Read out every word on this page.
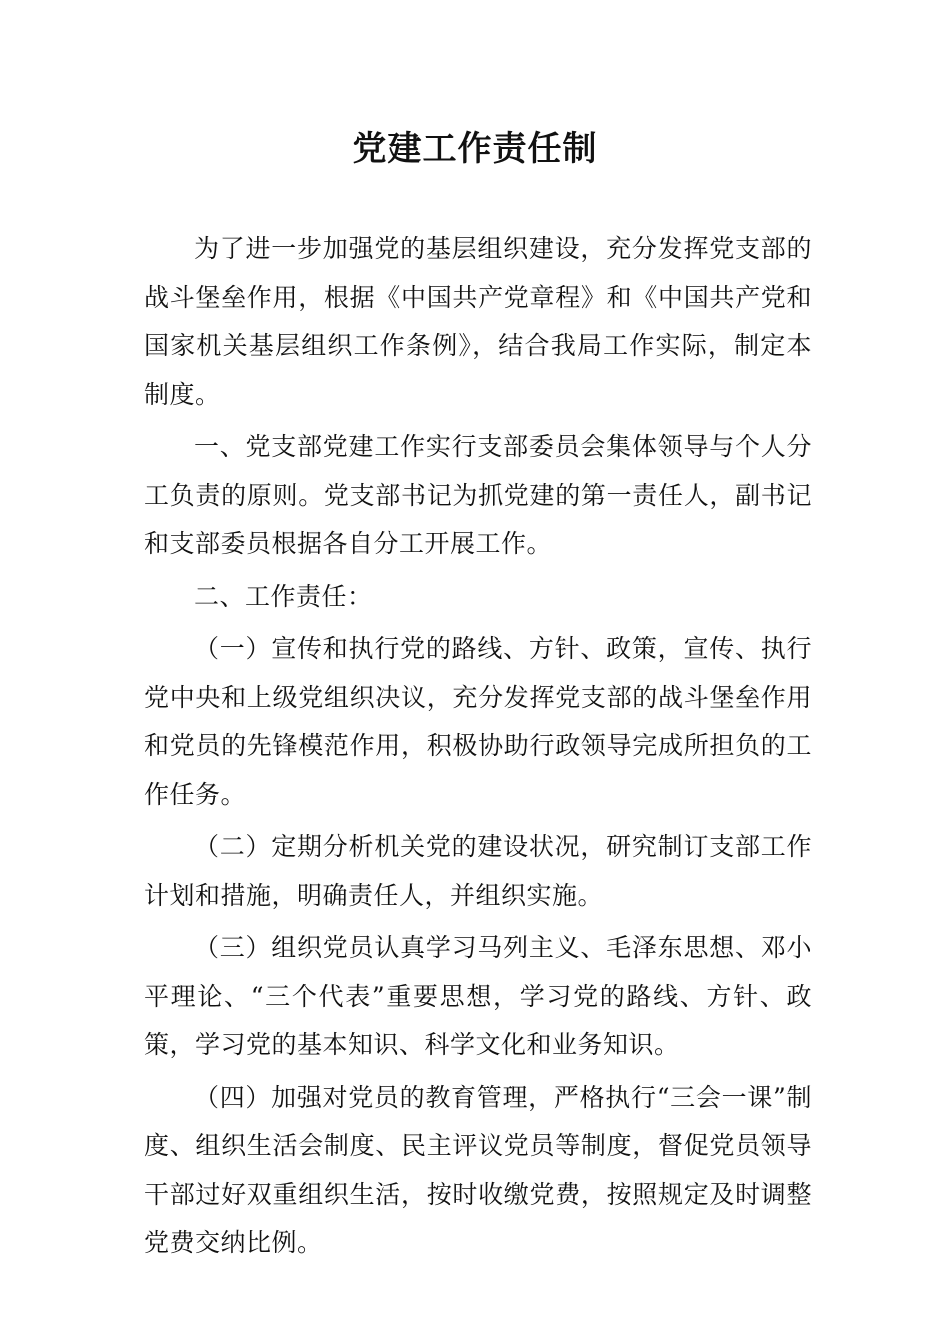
党建工作责任制

为了进一步加强党的基层组织建设，充分发挥党支部的战斗堡垒作用，根据《中国共产党章程》和《中国共产党和国家机关基层组织工作条例》，结合我局工作实际，制定本制度。

一、党支部党建工作实行支部委员会集体领导与个人分工负责的原则。党支部书记为抓党建的第一责任人，副书记和支部委员根据各自分工开展工作。

二、工作责任：

（一）宣传和执行党的路线、方针、政策，宣传、执行党中央和上级党组织决议，充分发挥党支部的战斗堡垒作用和党员的先锋模范作用，积极协助行政领导完成所担负的工作任务。

（二）定期分析机关党的建设状况，研究制订支部工作计划和措施，明确责任人，并组织实施。

（三）组织党员认真学习马列主义、毛泽东思想、邓小平理论、“三个代表”重要思想，学习党的路线、方针、政策，学习党的基本知识、科学文化和业务知识。

（四）加强对党员的教育管理，严格执行“三会一课”制度、组织生活会制度、民主评议党员等制度，督促党员领导干部过好双重组织生活，按时收缴党费，按照规定及时调整党费交纳比例。
